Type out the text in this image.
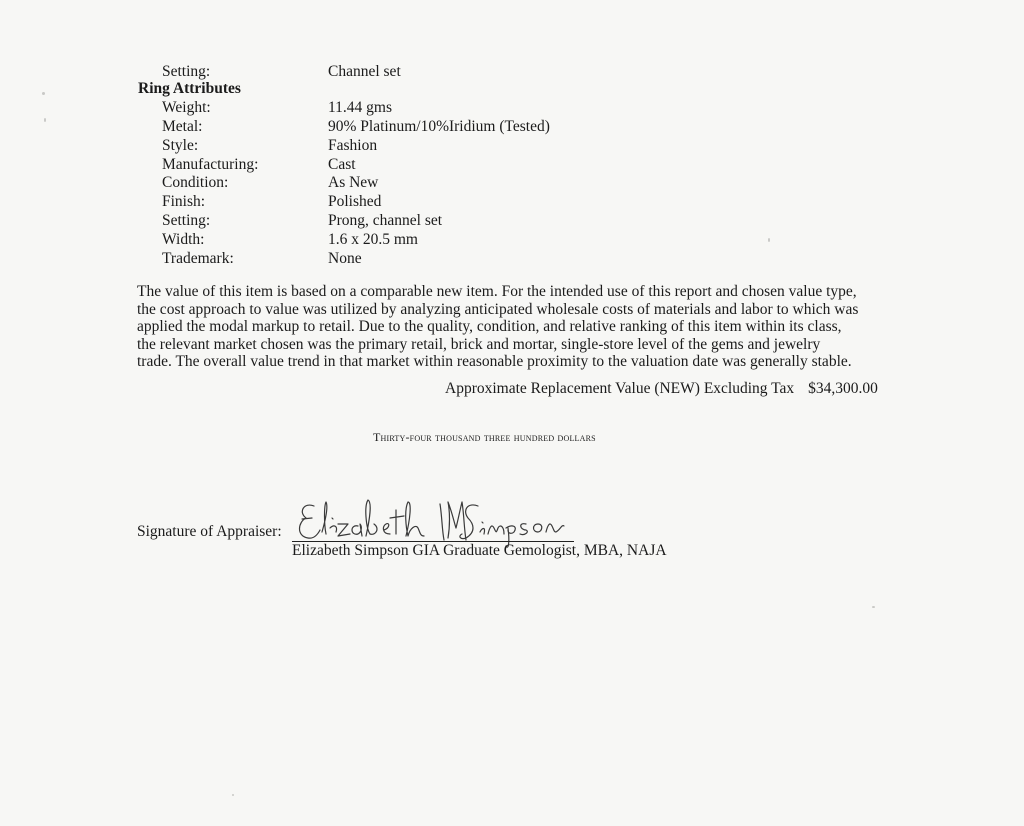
Setting:	Channel set
Ring Attributes
Weight:	11.44 gms
Metal:	90% Platinum/10%Iridium (Tested)
Style:	Fashion
Manufacturing:	Cast
Condition:	As New
Finish:	Polished
Setting:	Prong, channel set
Width:	1.6 x 20.5 mm
Trademark:	None
The value of this item is based on a comparable new item. For the intended use of this report and chosen value type,
the cost approach to value was utilized by analyzing anticipated wholesale costs of materials and labor to which was
applied the modal markup to retail. Due to the quality, condition, and relative ranking of this item within its class,
the relevant market chosen was the primary retail, brick and mortar, single-store level of the gems and jewelry
trade. The overall value trend in that market within reasonable proximity to the valuation date was generally stable.
Approximate Replacement Value (NEW) Excluding Tax $34,300.00
Thirty-four thousand three hundred dollars
Signature of Appraiser:
Elizabeth Simpson GIA Graduate Gemologist, MBA, NAJA
